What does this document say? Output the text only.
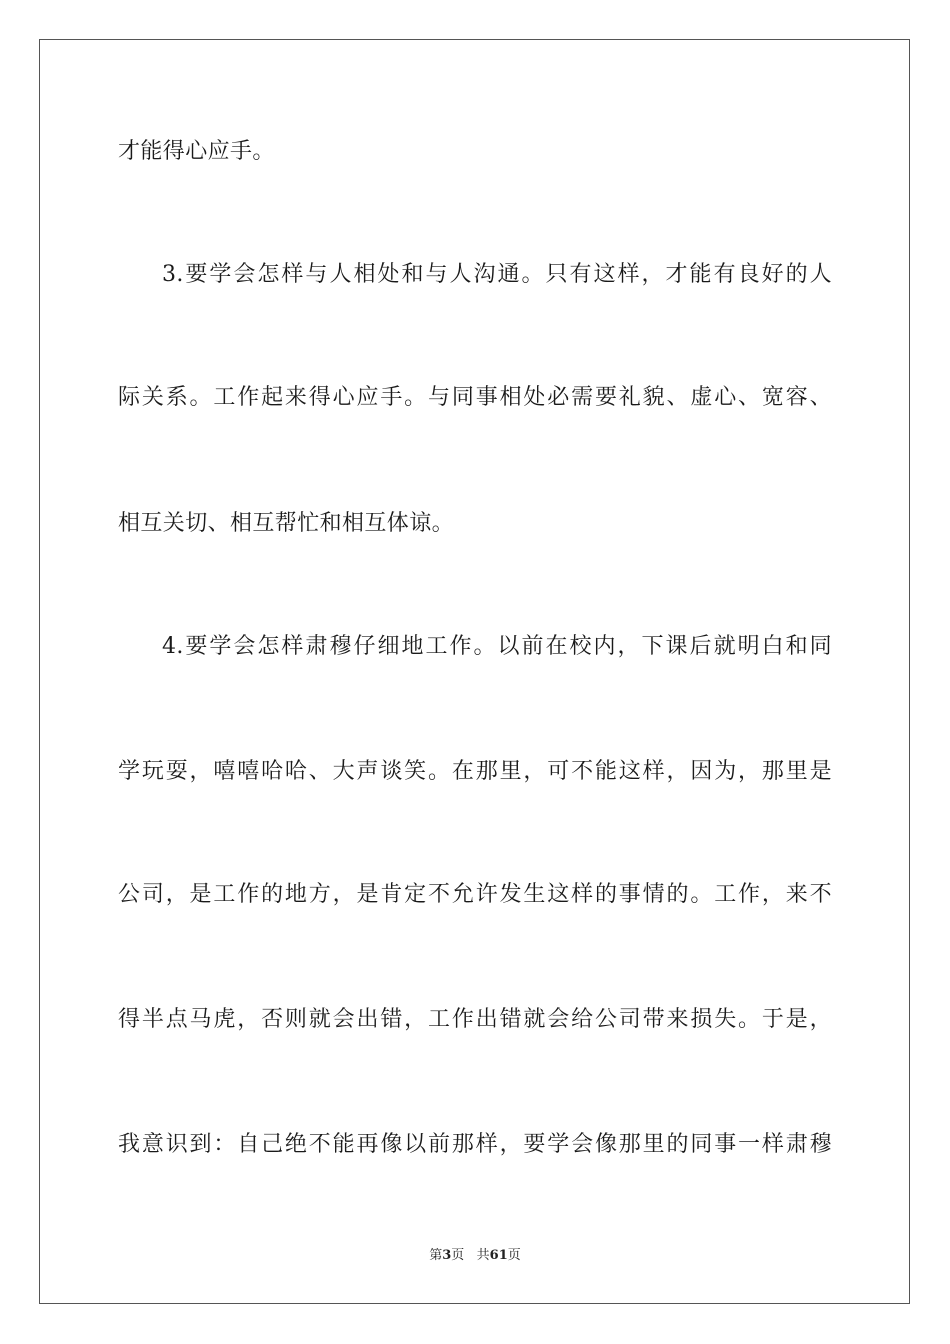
才能得心应手。
3.要学会怎样与人相处和与人沟通。只有这样，才能有良好的人
际关系。工作起来得心应手。与同事相处必需要礼貌、虚心、宽容、
相互关切、相互帮忙和相互体谅。
4.要学会怎样肃穆仔细地工作。以前在校内，下课后就明白和同
学玩耍，嘻嘻哈哈、大声谈笑。在那里，可不能这样，因为，那里是
公司，是工作的地方，是肯定不允许发生这样的事情的。工作，来不
得半点马虎，否则就会出错，工作出错就会给公司带来损失。于是，
我意识到：自己绝不能再像以前那样，要学会像那里的同事一样肃穆
第3页   共61页
